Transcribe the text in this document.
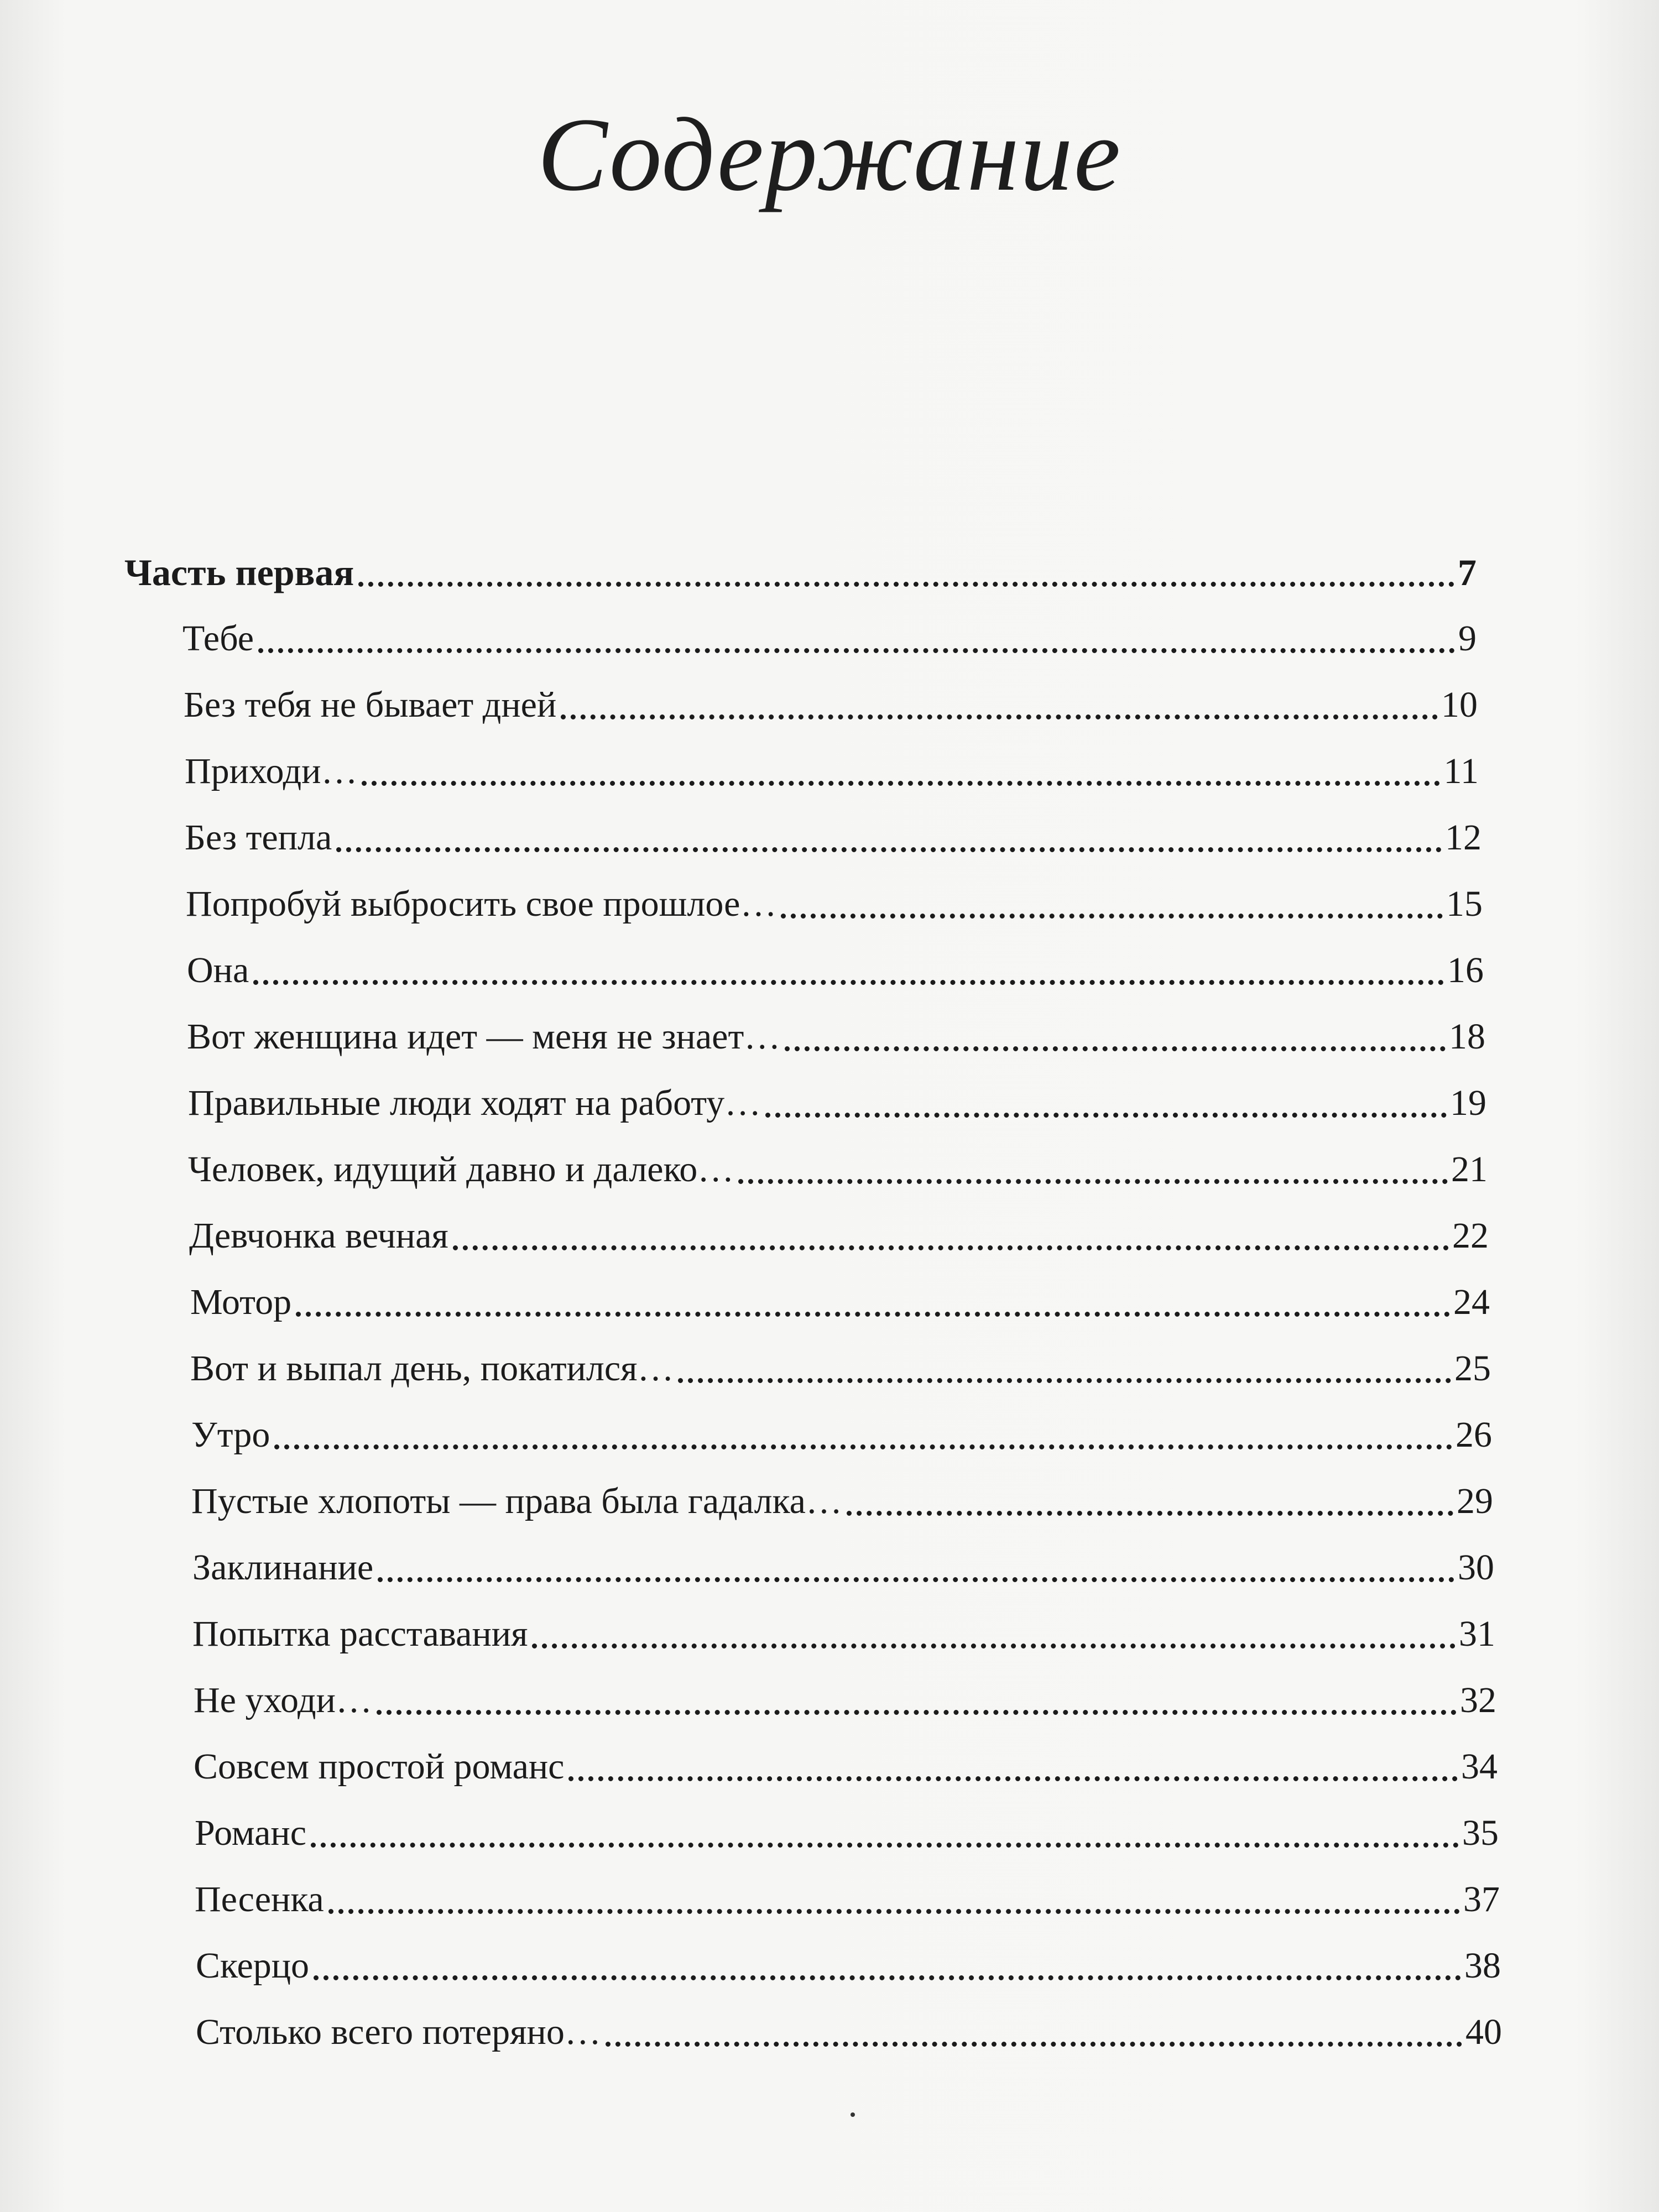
Содержание
Часть первая	7
Тебе	9
Без тебя не бывает дней	10
Приходи…	11
Без тепла	12
Попробуй выбросить свое прошлое…	15
Она	16
Вот женщина идет — меня не знает…	18
Правильные люди ходят на работу…	19
Человек, идущий давно и далеко…	21
Девчонка вечная	22
Мотор	24
Вот и выпал день, покатился…	25
Утро	26
Пустые хлопоты — права была гадалка…	29
Заклинание	30
Попытка расставания	31
Не уходи…	32
Совсем простой романс	34
Романс	35
Песенка	37
Скерцо	38
Столько всего потеряно…	40
